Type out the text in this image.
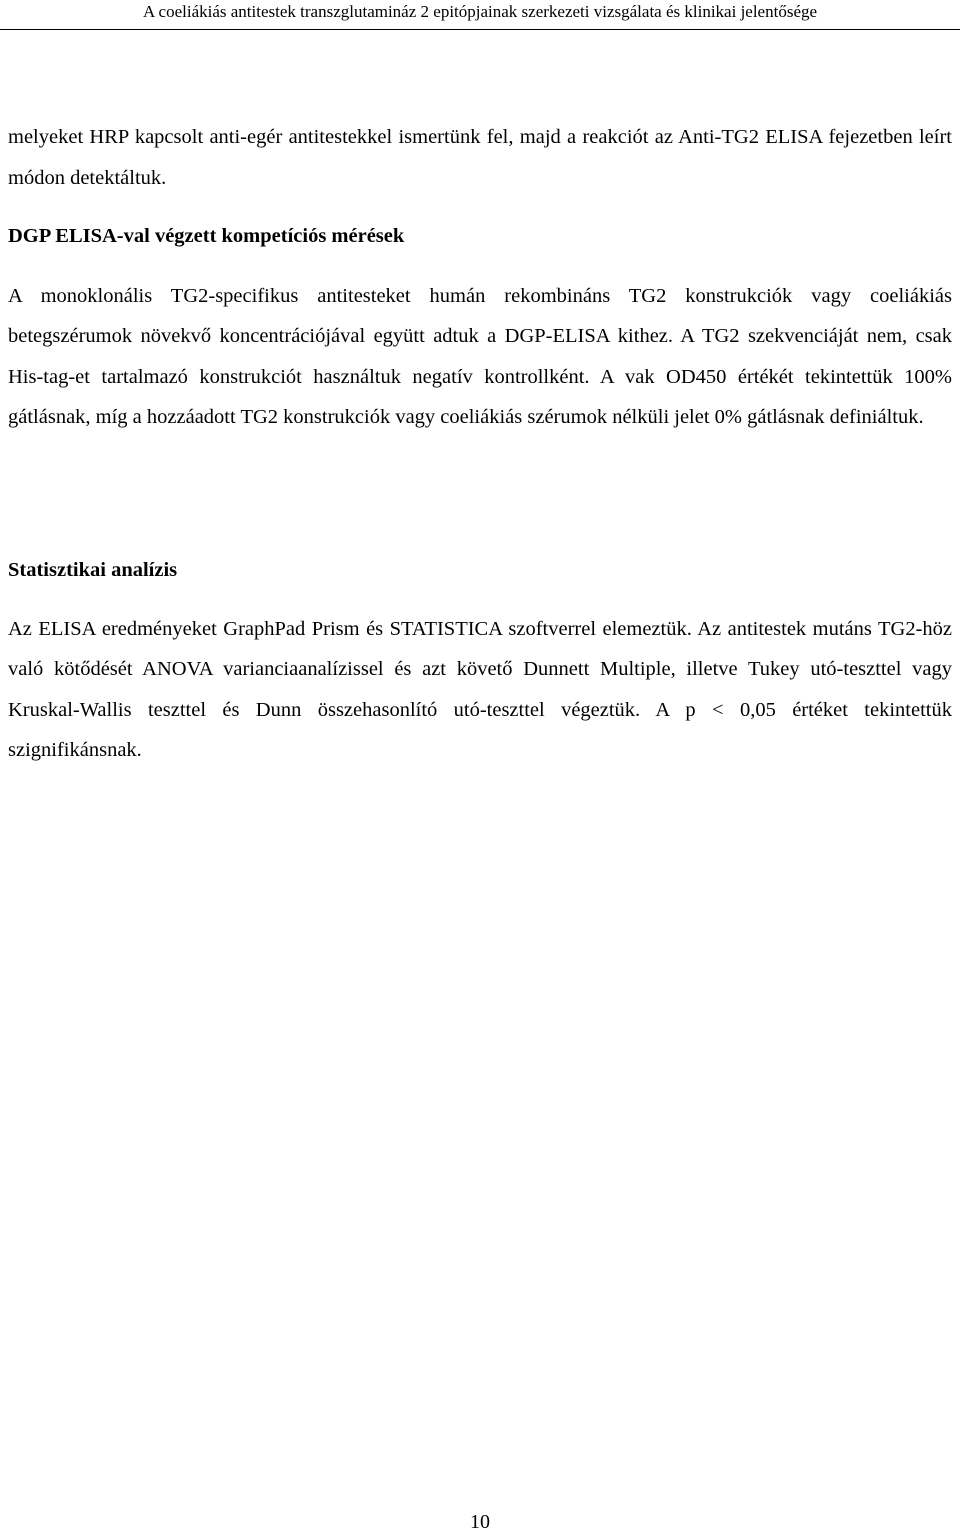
A coeliákiás antitestek transzglutamináz 2 epitópjainak szerkezeti vizsgálata és klinikai jelentősége

melyeket HRP kapcsolt anti-egér antitestekkel ismertünk fel, majd a reakciót az Anti-TG2 ELISA fejezetben leírt módon detektáltuk.

DGP ELISA-val végzett kompetíciós mérések

A monoklonális TG2-specifikus antitesteket humán rekombináns TG2 konstrukciók vagy coeliákiás betegszérumok növekvő koncentrációjával együtt adtuk a DGP-ELISA kithez. A TG2 szekvenciáját nem, csak His-tag-et tartalmazó konstrukciót használtuk negatív kontrollként. A vak OD450 értékét tekintettük 100% gátlásnak, míg a hozzáadott TG2 konstrukciók vagy coeliákiás szérumok nélküli jelet 0% gátlásnak definiáltuk.

Statisztikai analízis

Az ELISA eredményeket GraphPad Prism és STATISTICA szoftverrel elemeztük. Az antitestek mutáns TG2-höz való kötődését ANOVA varianciaanalízissel és azt követő Dunnett Multiple, illetve Tukey utó-teszttel vagy Kruskal-Wallis teszttel és Dunn összehasonlító utó-teszttel végeztük. A p < 0,05 értéket tekintettük szignifikánsnak.

10
